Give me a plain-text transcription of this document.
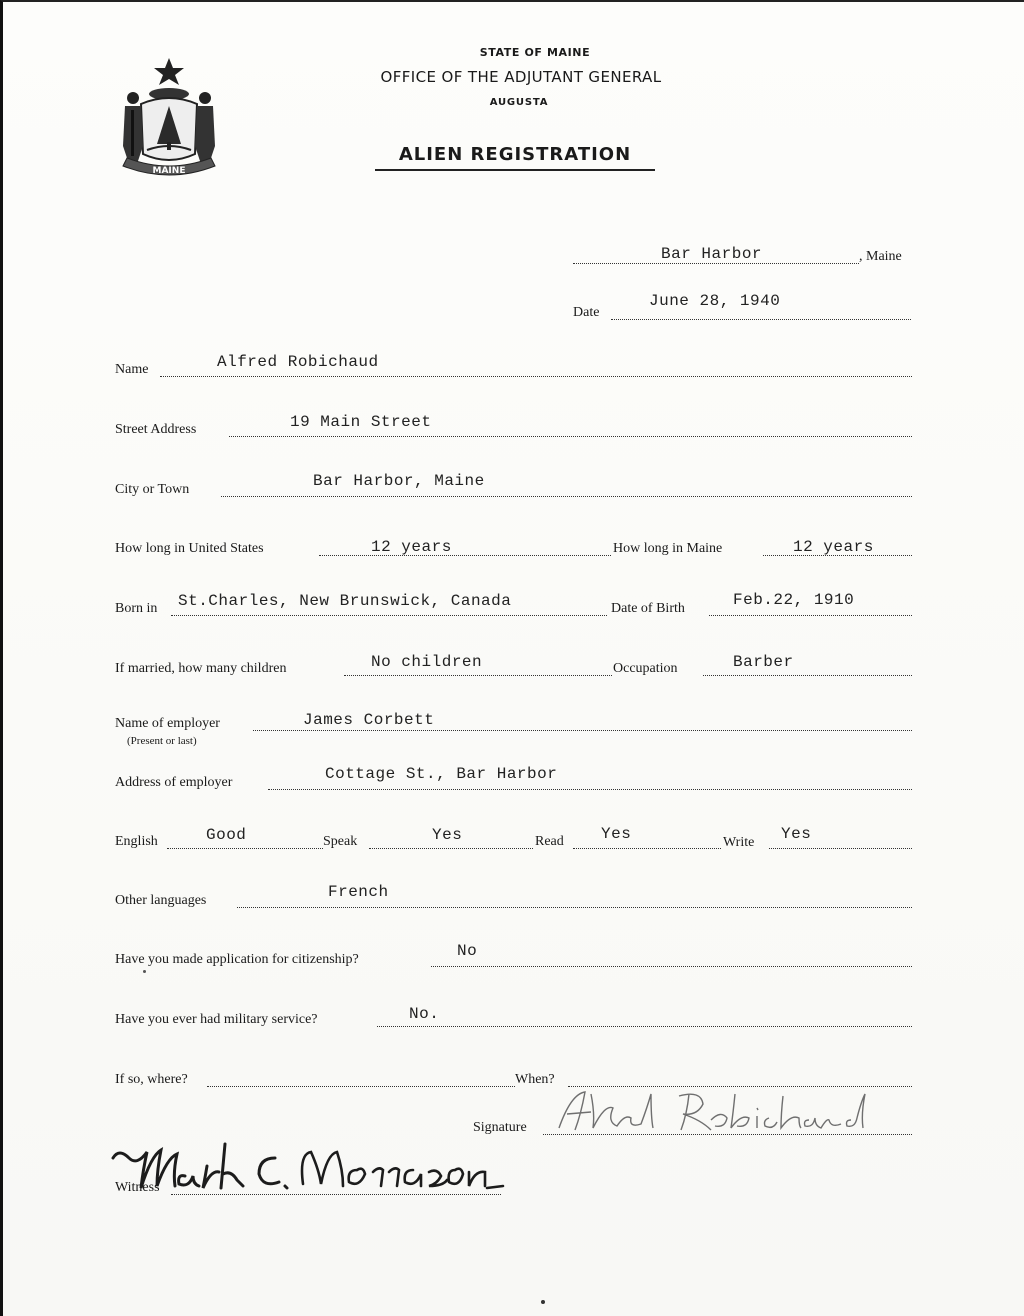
MAINE
STATE OF MAINE
OFFICE OF THE ADJUTANT GENERAL
AUGUSTA
ALIEN REGISTRATION
Bar Harbor	, Maine
Date
June 28, 1940
Name	Alfred Robichaud
Street Address	19 Main Street
City or Town	Bar Harbor, Maine
How long in United States	12 years	How long in Maine	12 years
Born in St.Charles, New Brunswick, Canada	Date of Birth	Feb.22, 1910
If married, how many children	No children	Occupation	Barber
Name of employer
(Present or last)
James Corbett
Address of employer	Cottage St., Bar Harbor
English	Good	Speak	Yes	Read Yes	Write Yes
Other languages	French
Have you made application for citizenship?	No
Have you ever had military service?	No.
If so, where?	When?
Signature
Witness
